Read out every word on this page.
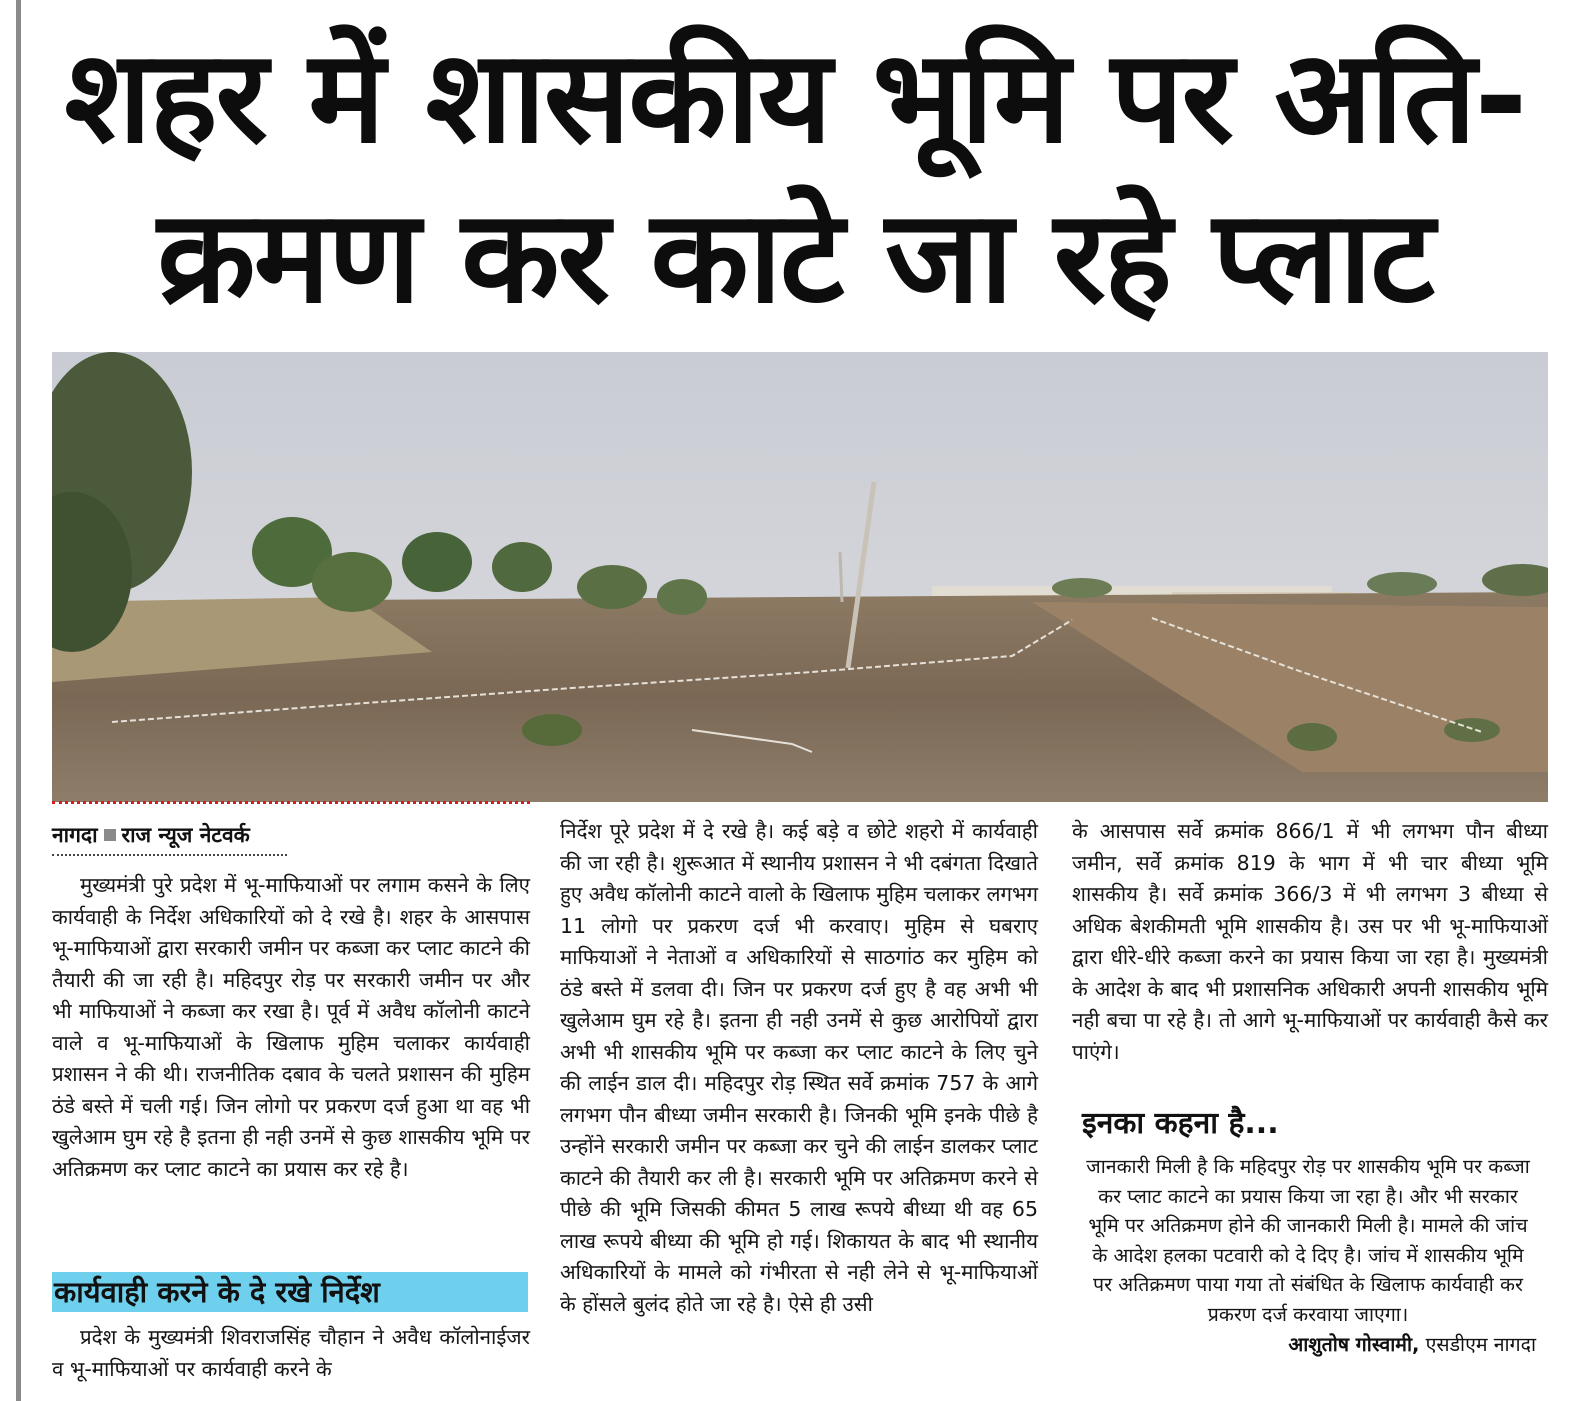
शहर में शासकीय भूमि पर अति-
क्रमण कर काटे जा रहे प्लाट
नागदा राज न्यूज नेटवर्क

मुख्यमंत्री पुरे प्रदेश में भू-माफियाओं पर लगाम कसने के लिए कार्यवाही के निर्देश अधिकारियों को दे रखे है। शहर के आसपास भू-माफियाओं द्वारा सरकारी जमीन पर कब्जा कर प्लाट काटने की तैयारी की जा रही है। महिदपुर रोड़ पर सरकारी जमीन पर और भी माफियाओं ने कब्जा कर रखा है। पूर्व में अवैध कॉलोनी काटने वाले व भू-माफियाओं के खिलाफ मुहिम चलाकर कार्यवाही प्रशासन ने की थी। राजनीतिक दबाव के चलते प्रशासन की मुहिम ठंडे बस्ते में चली गई। जिन लोगो पर प्रकरण दर्ज हुआ था वह भी खुलेआम घुम रहे है इतना ही नही उनमें से कुछ शासकीय भूमि पर अतिक्रमण कर प्लाट काटने का प्रयास कर रहे है।

कार्यवाही करने के दे रखे निर्देश

प्रदेश के मुख्यमंत्री शिवराजसिंह चौहान ने अवैध कॉलोनाईजर व भू-माफियाओं पर कार्यवाही करने के

निर्देश पूरे प्रदेश में दे रखे है। कई बड़े व छोटे शहरो में कार्यवाही की जा रही है। शुरूआत में स्थानीय प्रशासन ने भी दबंगता दिखाते हुए अवैध कॉलोनी काटने वालो के खिलाफ मुहिम चलाकर लगभग 11 लोगो पर प्रकरण दर्ज भी करवाए। मुहिम से घबराए माफियाओं ने नेताओं व अधिकारियों से साठगांठ कर मुहिम को ठंडे बस्ते में डलवा दी। जिन पर प्रकरण दर्ज हुए है वह अभी भी खुलेआम घुम रहे है। इतना ही नही उनमें से कुछ आरोपियों द्वारा अभी भी शासकीय भूमि पर कब्जा कर प्लाट काटने के लिए चुने की लाईन डाल दी। महिदपुर रोड़ स्थित सर्वे क्रमांक 757 के आगे लगभग पौन बीध्या जमीन सरकारी है। जिनकी भूमि इनके पीछे है उन्होंने सरकारी जमीन पर कब्जा कर चुने की लाईन डालकर प्लाट काटने की तैयारी कर ली है। सरकारी भूमि पर अतिक्रमण करने से पीछे की भूमि जिसकी कीमत 5 लाख रूपये बीध्या थी वह 65 लाख रूपये बीध्या की भूमि हो गई। शिकायत के बाद भी स्थानीय अधिकारियों के मामले को गंभीरता से नही लेने से भू-माफियाओं के होंसले बुलंद होते जा रहे है। ऐसे ही उसी

के आसपास सर्वे क्रमांक 866/1 में भी लगभग पौन बीध्या जमीन, सर्वे क्रमांक 819 के भाग में भी चार बीध्या भूमि शासकीय है। सर्वे क्रमांक 366/3 में भी लगभग 3 बीध्या से अधिक बेशकीमती भूमि शासकीय है। उस पर भी भू-माफियाओं द्वारा धीरे-धीरे कब्जा करने का प्रयास किया जा रहा है। मुख्यमंत्री के आदेश के बाद भी प्रशासनिक अधिकारी अपनी शासकीय भूमि नही बचा पा रहे है। तो आगे भू-माफियाओं पर कार्यवाही कैसे कर पाएंगे।

इनका कहना है...
जानकारी मिली है कि महिदपुर रोड़ पर शासकीय भूमि पर कब्जा कर प्लाट काटने का प्रयास किया जा रहा है। और भी सरकार भूमि पर अतिक्रमण होने की जानकारी मिली है। मामले की जांच के आदेश हलका पटवारी को दे दिए है। जांच में शासकीय भूमि पर अतिक्रमण पाया गया तो संबंधित के खिलाफ कार्यवाही कर प्रकरण दर्ज करवाया जाएगा।
आशुतोष गोस्वामी, एसडीएम नागदा
